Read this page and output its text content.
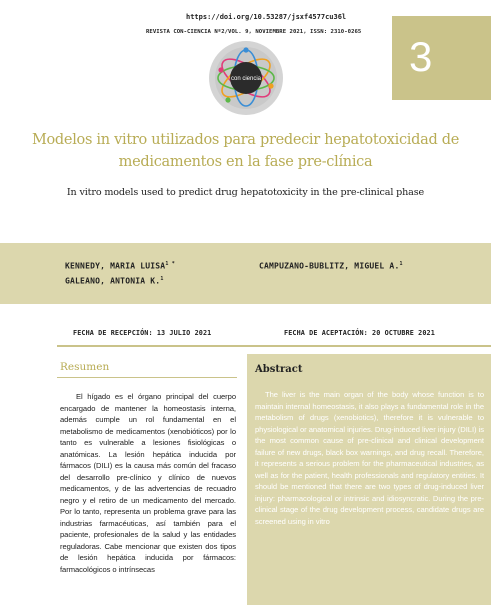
https://doi.org/10.53287/jsxf4577cu36l
REVISTA CON-CIENCIA Nº2/VOL. 9, NOVIEMBRE 2021, ISSN: 2310-0265
3
con ciencia
Modelos in vitro utilizados para predecir hepatotoxicidad de medicamentos en la fase pre-clínica
In vitro models used to predict drug hepatotoxicity in the pre-clinical phase
KENNEDY, MARIA $LUISA^{1 *}$
GALEANO, ANTONIA K.$^1$
CAMPUZANO-BUBLITZ, MIGUEL A.$^1$
FECHA DE RECEPCIÓN: 13 JULIO 2021	FECHA DE ACEPTACIÓN: 20 OCTUBRE 2021
Resumen

El hígado es el órgano principal del cuerpo encargado de mantener la homeostasis interna, además cumple un rol fundamental en el metabolismo de medicamentos (xenobióticos) por lo tanto es vulnerable a lesiones fisiológicas o anatómicas. La lesión hepática inducida por fármacos (DILI) es la causa más común del fracaso del desarrollo pre-clínico y clínico de nuevos medicamentos, y de las advertencias de recuadro negro y el retiro de un medicamento del mercado. Por lo tanto, representa un problema grave para las industrias farmacéuticas, así también para el paciente, profesionales de la salud y las entidades reguladoras. Cabe mencionar que existen dos tipos de lesión hepática inducida por fármacos: farmacológicos o intrínsecas

Abstract

The liver is the main organ of the body whose function is to maintain internal homeostasis, it also plays a fundamental role in the metabolism of drugs (xenobiotics), therefore it is vulnerable to physiological or anatomical injuries. Drug-induced liver injury (DILI) is the most common cause of pre-clinical and clinical development failure of new drugs, black box warnings, and drug recall. Therefore, it represents a serious problem for the pharmaceutical industries, as well as for the patient, health professionals and regulatory entities. It should be mentioned that there are two types of drug-induced liver injury: pharmacological or intrinsic and idiosyncratic. During the pre-clinical stage of the drug development process, candidate drugs are screened using in vitro
